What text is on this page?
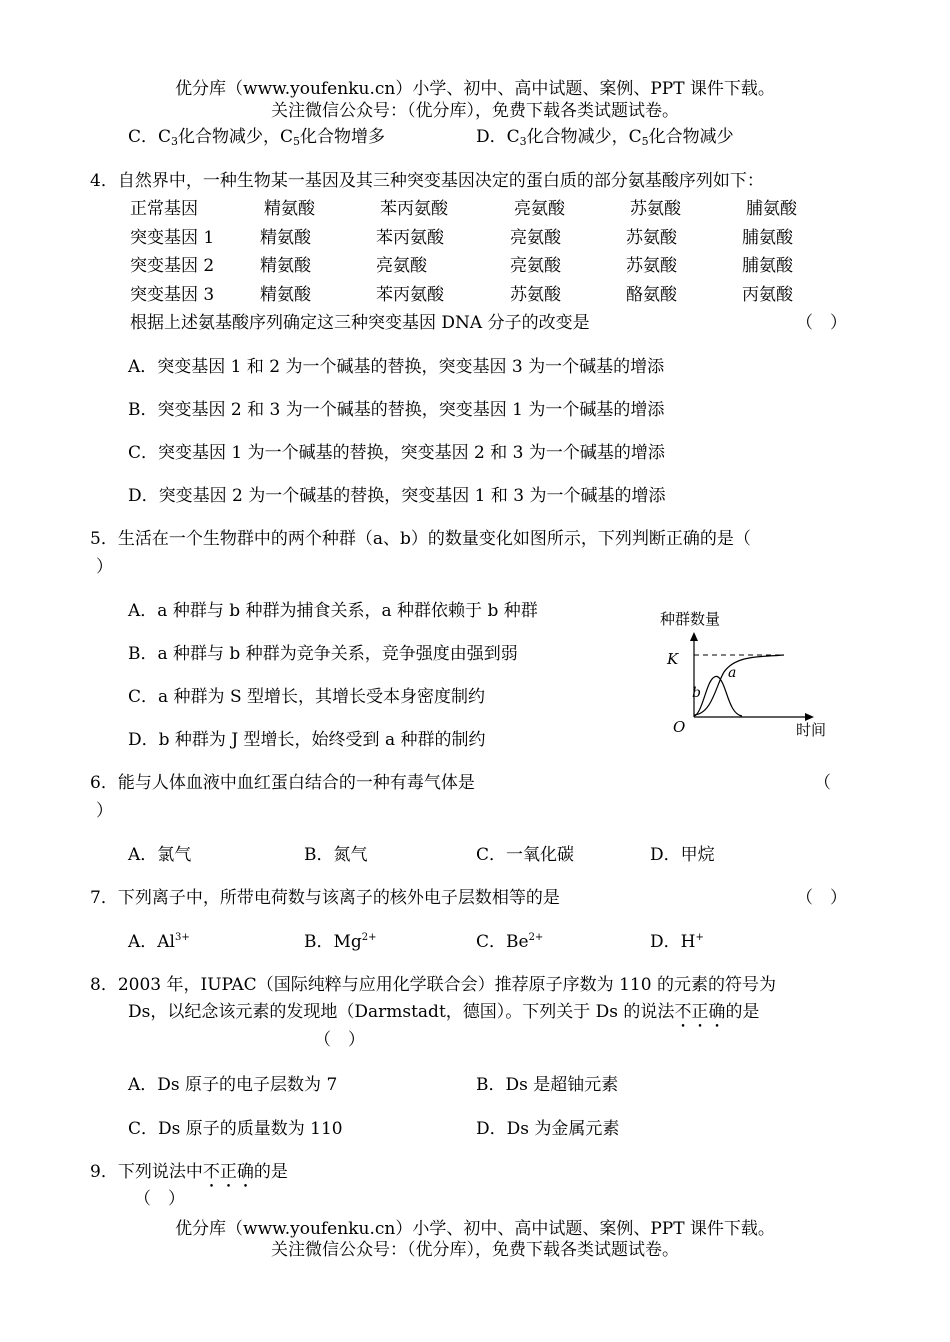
优分库（www.youfenku.cn）小学、初中、高中试题、案例、PPT 课件下载。
关注微信公众号：（优分库），免费下载各类试题试卷。
C．$C_3$化合物减少，$C_5$化合物增多	D．$C_3$化合物减少，$C_5$化合物减少
4．自然界中，一种生物某一基因及其三种突变基因决定的蛋白质的部分氨基酸序列如下：
正常基因	精氨酸	苯丙氨酸	亮氨酸	苏氨酸	脯氨酸
突变基因 1	精氨酸	苯丙氨酸	亮氨酸	苏氨酸	脯氨酸
突变基因 2	精氨酸	亮氨酸	亮氨酸	苏氨酸	脯氨酸
突变基因 3	精氨酸	苯丙氨酸	苏氨酸	酪氨酸	丙氨酸
根据上述氨基酸序列确定这三种突变基因 DNA 分子的改变是	（　）
A．突变基因 1 和 2 为一个碱基的替换，突变基因 3 为一个碱基的增添
B．突变基因 2 和 3 为一个碱基的替换，突变基因 1 为一个碱基的增添
C．突变基因 1 为一个碱基的替换，突变基因 2 和 3 为一个碱基的增添
D．突变基因 2 为一个碱基的替换，突变基因 1 和 3 为一个碱基的增添
5．生活在一个生物群中的两个种群（a、b）的数量变化如图所示，下列判断正确的是（
）
A．a 种群与 b 种群为捕食关系，a 种群依赖于 b 种群
B．a 种群与 b 种群为竞争关系，竞争强度由强到弱
C．a 种群为 S 型增长，其增长受本身密度制约
D．b 种群为 J 型增长，始终受到 a 种群的制约
种群数量
K
a
b
O	时间
6．能与人体血液中血红蛋白结合的一种有毒气体是	（
）
A．氯气	B．氮气	C．一氧化碳	D．甲烷
7．下列离子中，所带电荷数与该离子的核外电子层数相等的是	（　）
A．$Al^{3+}$	B．$Mg^{2+}$	C．$Be^{2+}$	D．H+
8．2003 年，IUPAC（国际纯粹与应用化学联合会）推荐原子序数为 110 的元素的符号为
Ds，以纪念该元素的发现地（Darmstadt，德国）。下列关于 Ds 的说法不正确的是
（　）
A．Ds 原子的电子层数为 7	B．Ds 是超铀元素
C．Ds 原子的质量数为 110	D．Ds 为金属元素
9．下列说法中不正确的是
（　）
优分库（www.youfenku.cn）小学、初中、高中试题、案例、PPT 课件下载。
关注微信公众号：（优分库），免费下载各类试题试卷。
